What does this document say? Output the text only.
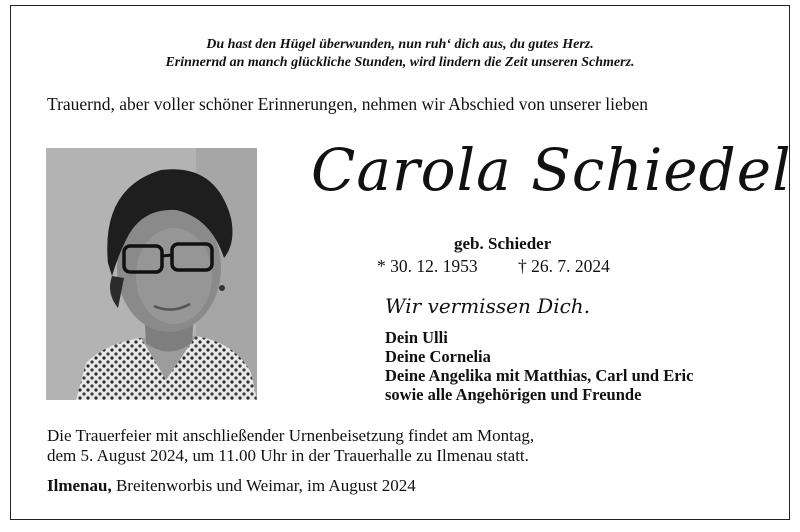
Du hast den Hügel überwunden, nun ruh‘ dich aus, du gutes Herz.
Erinnernd an manch glückliche Stunden, wird lindern die Zeit unseren Schmerz.
Trauernd, aber voller schöner Erinnerungen, nehmen wir Abschied von unserer lieben
Carola Schiedel
geb. Schieder
* 30. 12. 1953 † 26. 7. 2024
Wir vermissen Dich.
Dein Ulli
Deine Cornelia
Deine Angelika mit Matthias, Carl und Eric
sowie alle Angehörigen und Freunde
Die Trauerfeier mit anschließender Urnenbeisetzung findet am Montag,
dem 5. August 2024, um 11.00 Uhr in der Trauerhalle zu Ilmenau statt.
Ilmenau, Breitenworbis und Weimar, im August 2024
